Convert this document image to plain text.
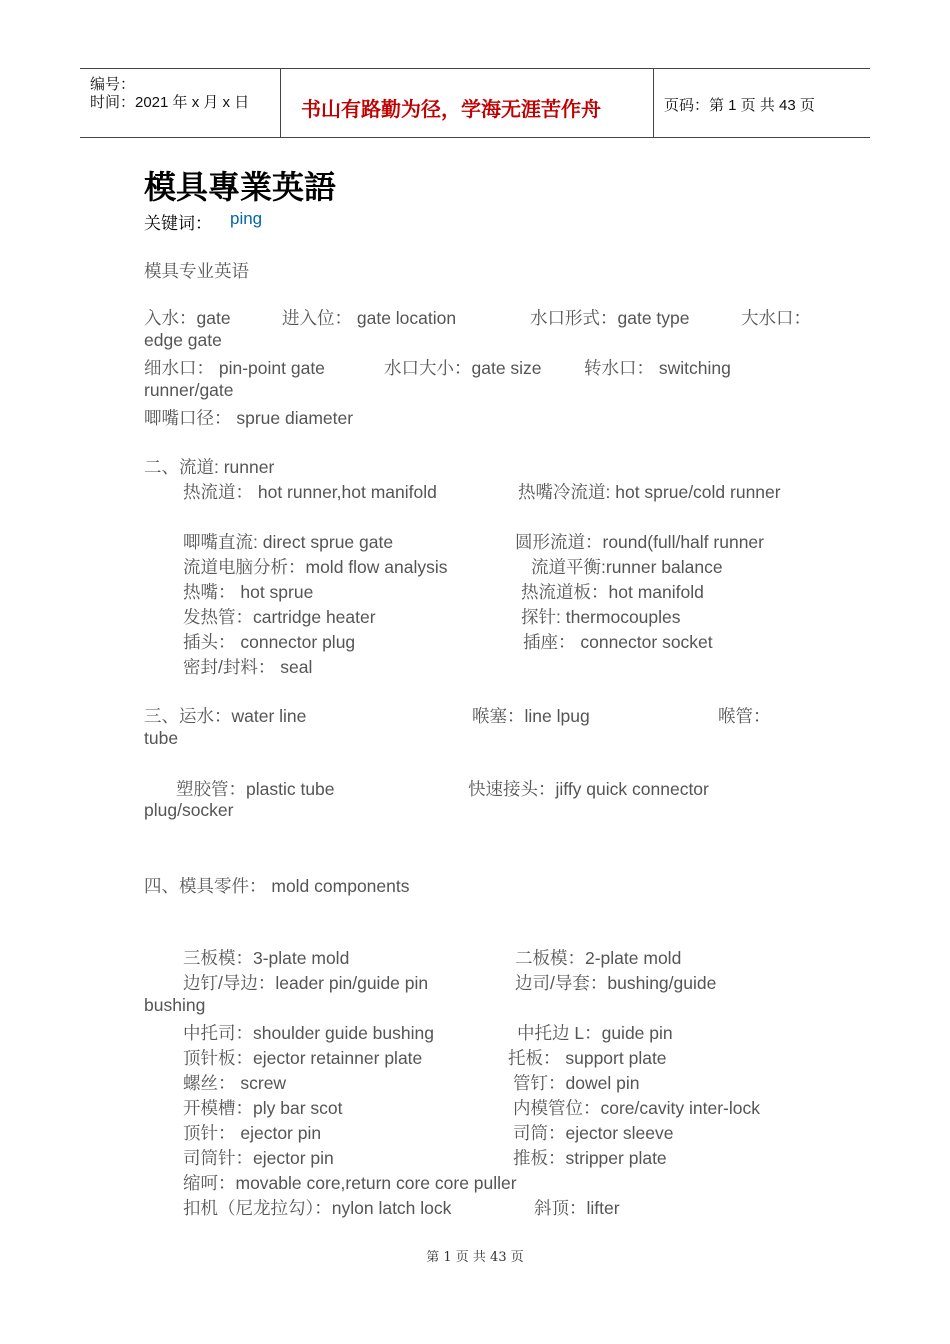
编号：
时间：2021 年 x 月 x 日	书山有路勤为径，学海无涯苦作舟	页码：第 1 页 共 43 页
模具專業英語
关键词： ping
模具专业英语
入水：gate	进入位： gate location	水口形式：gate type	大水口：
edge gate
细水口： pin-point gate	水口大小：gate size 转水口： switching
runner/gate
唧嘴口径： sprue diameter
二、流道: runner
热流道： hot runner,hot manifold	热嘴冷流道: hot sprue/cold runner
唧嘴直流: direct sprue gate	圆形流道：round(full/half runner
流道电脑分析：mold flow analysis	流道平衡:runner balance
热嘴： hot sprue	热流道板：hot manifold
发热管：cartridge heater	探针: thermocouples
插头： connector plug	插座： connector socket
密封/封料： seal
三、运水：water line	喉塞：line lpug	喉管：
tube
塑胶管：plastic tube	快速接头：jiffy quick connector
plug/socker
四、模具零件： mold components
三板模：3-plate mold	二板模：2-plate mold
边钉/导边：leader pin/guide pin	边司/导套：bushing/guide
bushing
中托司：shoulder guide bushing	中托边 L：guide pin
顶针板：ejector retainner plate	托板： support plate
螺丝： screw	管钉：dowel pin
开模槽：ply bar scot	内模管位：core/cavity inter-lock
顶针： ejector pin	司筒：ejector sleeve
司筒针：ejector pin	推板：stripper plate
缩呵：movable core,return core core puller
扣机（尼龙拉勾）：nylon latch lock	斜顶：lifter
第 1 页 共 43 页
